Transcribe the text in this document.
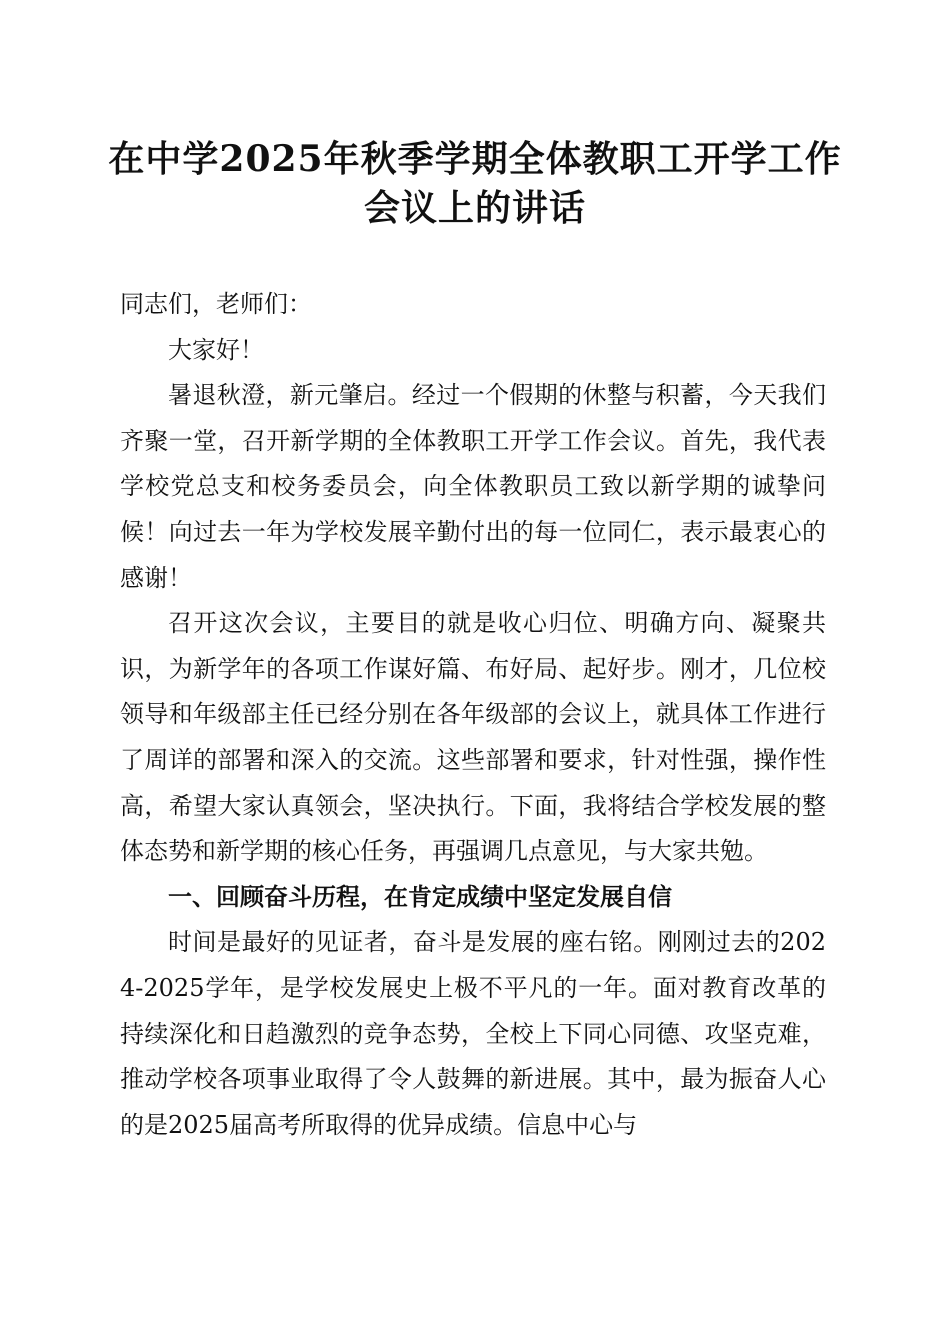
在中学2025年秋季学期全体教职工开学工作
会议上的讲话

同志们，老师们：

大家好！

暑退秋澄，新元肇启。经过一个假期的休整与积蓄，今天我们齐聚一堂，召开新学期的全体教职工开学工作会议。首先，我代表学校党总支和校务委员会，向全体教职员工致以新学期的诚挚问候！向过去一年为学校发展辛勤付出的每一位同仁，表示最衷心的感谢！

召开这次会议，主要目的就是收心归位、明确方向、凝聚共识，为新学年的各项工作谋好篇、布好局、起好步。刚才，几位校领导和年级部主任已经分别在各年级部的会议上，就具体工作进行了周详的部署和深入的交流。这些部署和要求，针对性强，操作性高，希望大家认真领会，坚决执行。下面，我将结合学校发展的整体态势和新学期的核心任务，再强调几点意见，与大家共勉。

一、回顾奋斗历程，在肯定成绩中坚定发展自信

时间是最好的见证者，奋斗是发展的座右铭。刚刚过去的2024-2025学年，是学校发展史上极不平凡的一年。面对教育改革的持续深化和日趋激烈的竞争态势，全校上下同心同德、攻坚克难，推动学校各项事业取得了令人鼓舞的新进展。其中，最为振奋人心的是2025届高考所取得的优异成绩。信息中心与
